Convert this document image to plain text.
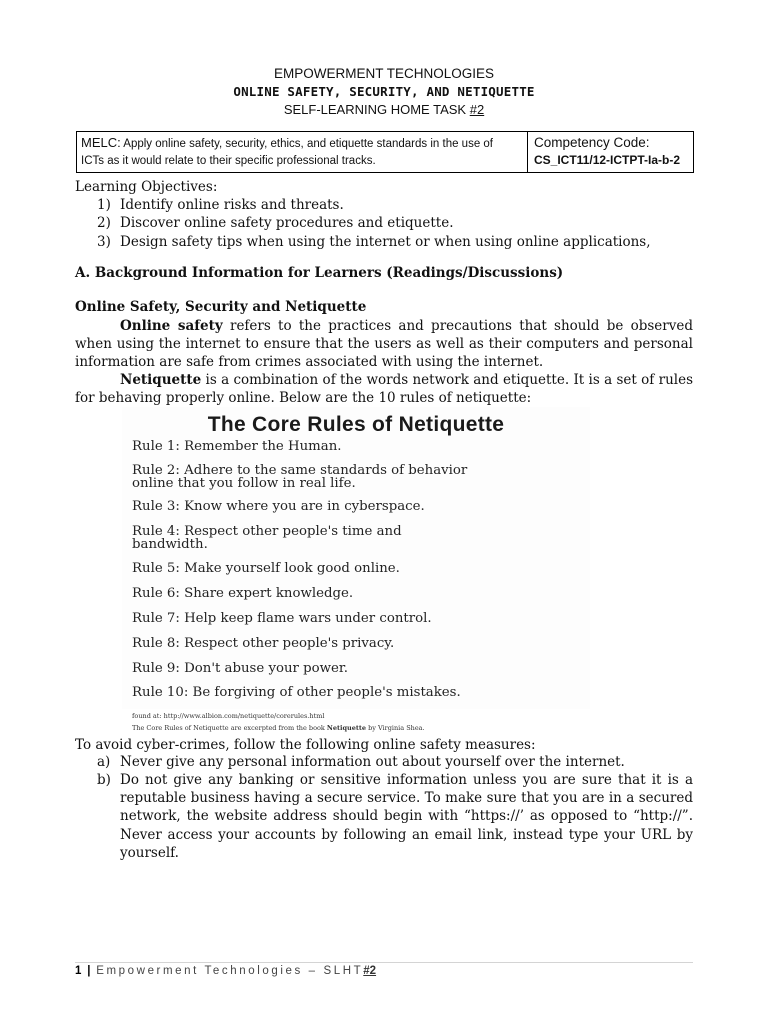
EMPOWERMENT TECHNOLOGIES
ONLINE SAFETY, SECURITY, AND NETIQUETTE
SELF-LEARNING HOME TASK #2
MELC: Apply online safety, security, ethics, and etiquette standards in the use of
ICTs as it would relate to their specific professional tracks.
Competency Code:
CS_ICT11/12-ICTPT-Ia-b-2
Learning Objectives:
1) Identify online risks and threats.
2) Discover online safety procedures and etiquette.
3) Design safety tips when using the internet or when using online applications,
A. Background Information for Learners (Readings/Discussions)
Online Safety, Security and Netiquette
Online safety refers to the practices and precautions that should be observed when using the internet to ensure that the users as well as their computers and personal information are safe from crimes associated with using the internet.
Netiquette is a combination of the words network and etiquette. It is a set of rules for behaving properly online. Below are the 10 rules of netiquette:
The Core Rules of Netiquette
Rule 1: Remember the Human.
Rule 2: Adhere to the same standards of behavior
online that you follow in real life.
Rule 3: Know where you are in cyberspace.
Rule 4: Respect other people's time and
bandwidth.
Rule 5: Make yourself look good online.
Rule 6: Share expert knowledge.
Rule 7: Help keep flame wars under control.
Rule 8: Respect other people's privacy.
Rule 9: Don't abuse your power.
Rule 10: Be forgiving of other people's mistakes.
found at: http://www.albion.com/netiquette/corerules.html
The Core Rules of Netiquette are excerpted from the book Netiquette by Virginia Shea.
To avoid cyber-crimes, follow the following online safety measures:
a) Never give any personal information out about yourself over the internet.
b) Do not give any banking or sensitive information unless you are sure that it is a reputable business having a secure service. To make sure that you are in a secured network, the website address should begin with “https://’ as opposed to “http://”. Never access your accounts by following an email link, instead type your URL by yourself.
1 | Empowerment Technologies – SLHT#2
